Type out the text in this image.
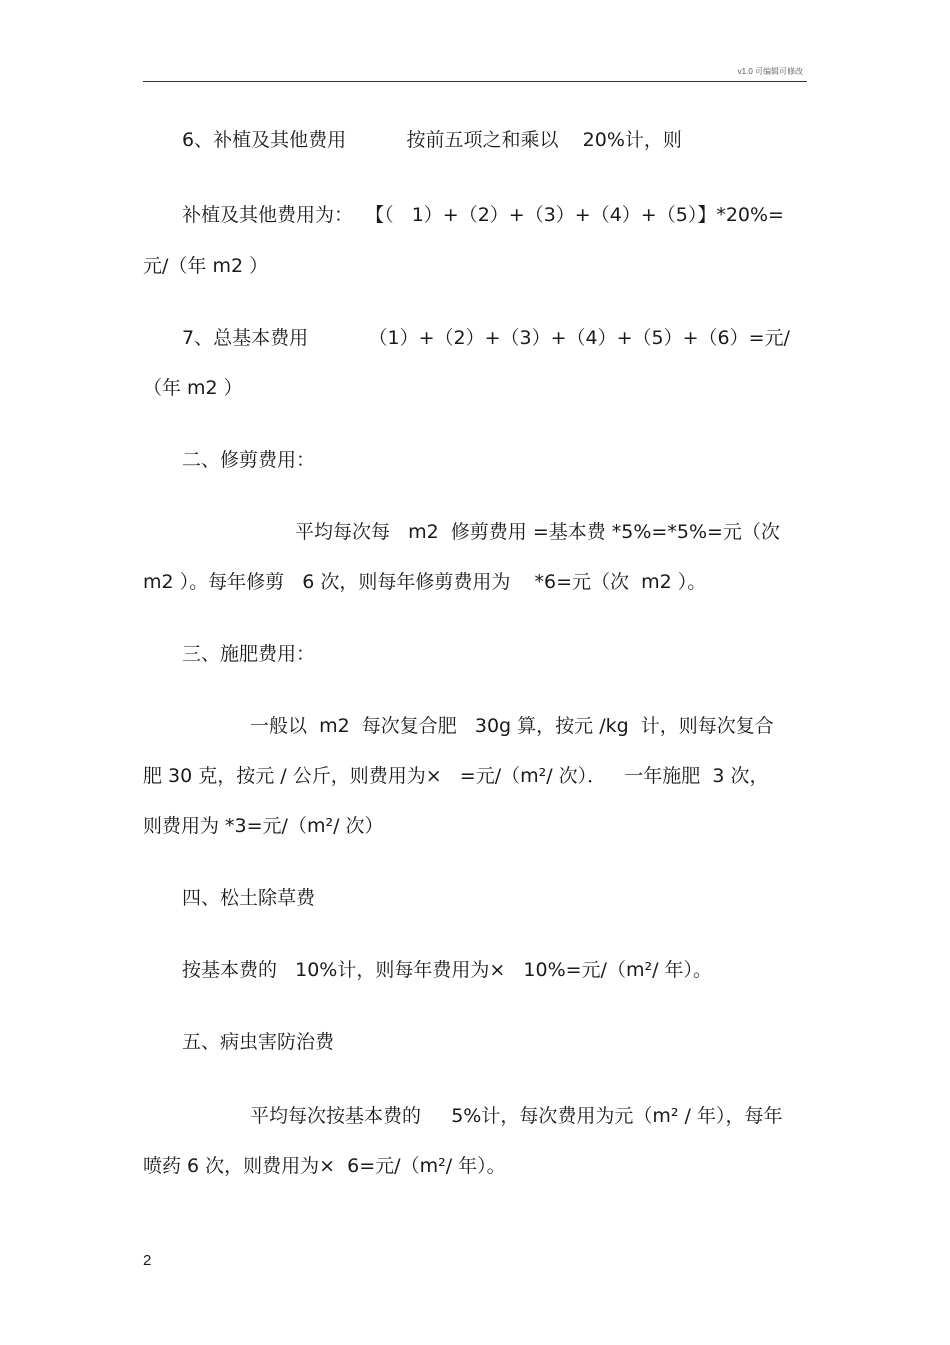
v1.0 可编辑可修改
6、补植及其他费用          按前五项之和乘以    20%计，则
补植及其他费用为：  【（   1）+（2）+（3）+（4）+（5）】*20%=
元/（年 m2 ）
7、总基本费用          （1）+（2）+（3）+（4）+（5）+（6）=元/
（年 m2 ）
二、修剪费用：
平均每次每   m2  修剪费用 =基本费 *5%=*5%=元（次
m2 ）。每年修剪   6 次，则每年修剪费用为    *6=元（次  m2 ）。
三、施肥费用：
一般以  m2  每次复合肥   30g 算，按元 /kg  计，则每次复合
肥 30 克，按元 / 公斤，则费用为×   =元/（m²/ 次）．   一年施肥  3 次，
则费用为 *3=元/（m²/ 次）
四、松土除草费
按基本费的   10%计，则每年费用为×   10%=元/（m²/ 年）。
五、病虫害防治费
平均每次按基本费的     5%计，每次费用为元（m² / 年），每年
喷药 6 次，则费用为×  6=元/（m²/ 年）。
2
